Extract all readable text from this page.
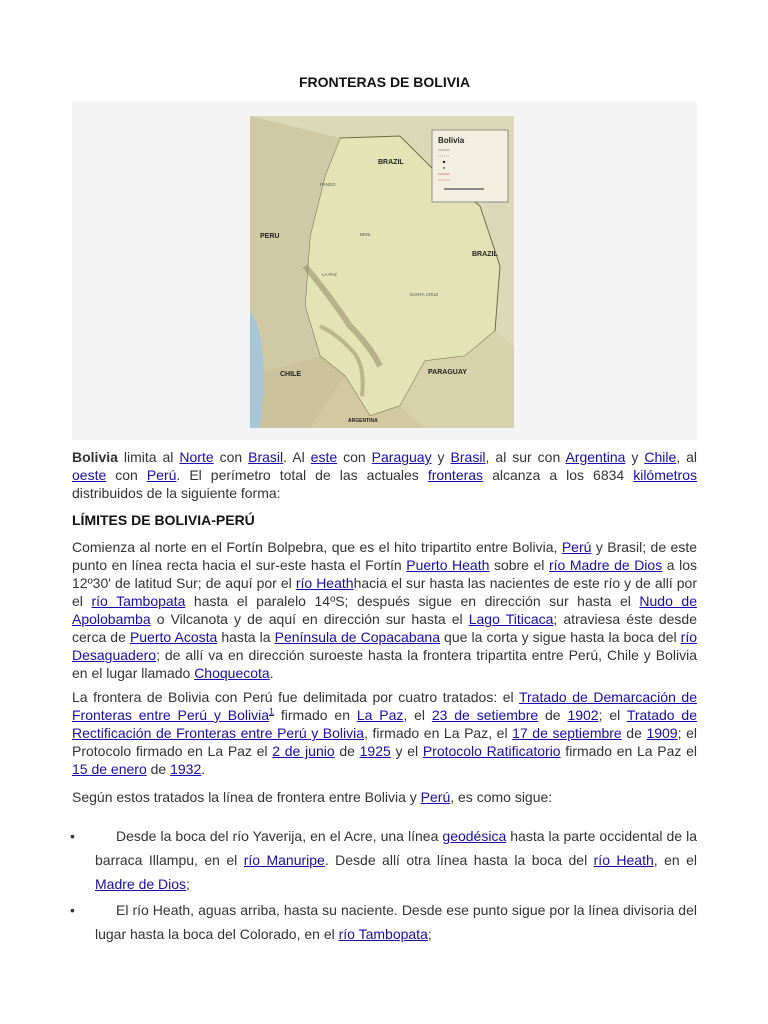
FRONTERAS DE BOLIVIA
Bolivia
BRAZIL
PERU
BRAZIL
CHILE	PARAGUAY
ARGENTINA
PANDO
BENI
LA PAZ
SANTA CRUZ

Bolivia limita al Norte con Brasil. Al este con Paraguay y Brasil, al sur con Argentina y Chile, al oeste con Perú. El perímetro total de las actuales fronteras alcanza a los 6834 kilómetros distribuidos de la siguiente forma:

LÍMITES DE BOLIVIA-PERÚ

Comienza al norte en el Fortín Bolpebra, que es el hito tripartito entre Bolivia, Perú y Brasil; de este punto en línea recta hacia el sur-este hasta el Fortín Puerto Heath sobre el río Madre de Dios a los 12º30' de latitud Sur; de aquí por el río Heathhacia el sur hasta las nacientes de este río y de allí por el río Tambopata hasta el paralelo 14ºS; después sigue en dirección sur hasta el Nudo de Apolobamba o Vilcanota y de aquí en dirección sur hasta el Lago Titicaca; atraviesa éste desde cerca de Puerto Acosta hasta la Península de Copacabana que la corta y sigue hasta la boca del río Desaguadero; de allí va en dirección suroeste hasta la frontera tripartita entre Perú, Chile y Bolivia en el lugar llamado Choquecota.

La frontera de Bolivia con Perú fue delimitada por cuatro tratados: el Tratado de Demarcación de Fronteras entre Perú y Bolivia$^1$ firmado en La Paz, el 23 de setiembre de 1902; el Tratado de Rectificación de Fronteras entre Perú y Bolivia, firmado en La Paz, el 17 de septiembre de 1909; el Protocolo firmado en La Paz el 2 de junio de 1925 y el Protocolo Ratificatorio firmado en La Paz el 15 de enero de 1932.

Según estos tratados la línea de frontera entre Bolivia y Perú, es como sigue:

•	Desde la boca del río Yaverija, en el Acre, una línea geodésica hasta la parte occidental de la barraca Illampu, en el río Manuripe. Desde allí otra línea hasta la boca del río Heath, en el Madre de Dios;
•	El río Heath, aguas arriba, hasta su naciente. Desde ese punto sigue por la línea divisoria del lugar hasta la boca del Colorado, en el río Tambopata;
